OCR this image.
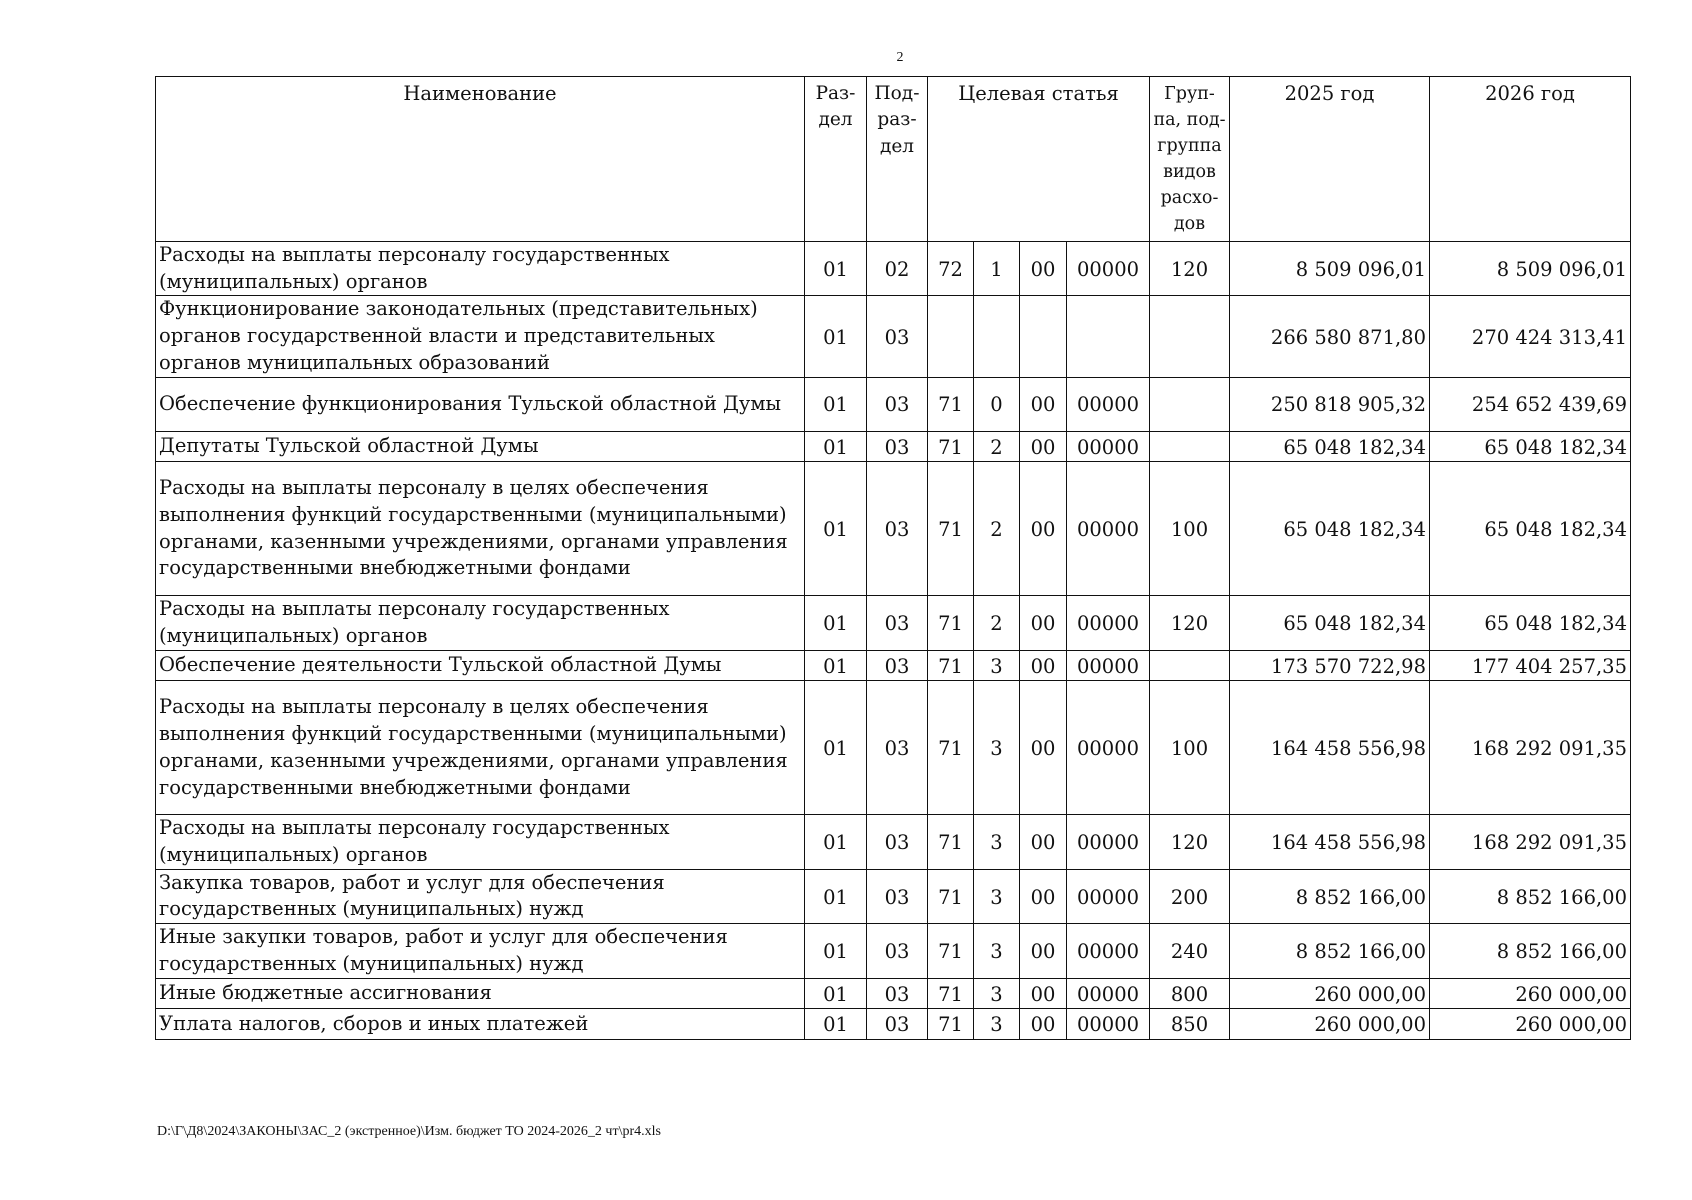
2
Наименование	Раз-дел	Под-раз-дел	Целевая статья				Груп-па, под-группа видов расхо-дов	2025 год	2026 год
Расходы на выплаты персоналу государственных (муниципальных) органов	01	02	72	1	00	00000	120	8 509 096,01	8 509 096,01
Функционирование законодательных (представительных) органов государственной власти и представительных органов муниципальных образований	01	03						266 580 871,80	270 424 313,41
Обеспечение функционирования Тульской областной Думы	01	03	71	0	00	00000		250 818 905,32	254 652 439,69
Депутаты Тульской областной Думы	01	03	71	2	00	00000		65 048 182,34	65 048 182,34
Расходы на выплаты персоналу в целях обеспечения выполнения функций государственными (муниципальными) органами, казенными учреждениями, органами управления государственными внебюджетными фондами	01	03	71	2	00	00000	100	65 048 182,34	65 048 182,34
Расходы на выплаты персоналу государственных (муниципальных) органов	01	03	71	2	00	00000	120	65 048 182,34	65 048 182,34
Обеспечение деятельности Тульской областной Думы	01	03	71	3	00	00000		173 570 722,98	177 404 257,35
Расходы на выплаты персоналу в целях обеспечения выполнения функций государственными (муниципальными) органами, казенными учреждениями, органами управления государственными внебюджетными фондами	01	03	71	3	00	00000	100	164 458 556,98	168 292 091,35
Расходы на выплаты персоналу государственных (муниципальных) органов	01	03	71	3	00	00000	120	164 458 556,98	168 292 091,35
Закупка товаров, работ и услуг для обеспечения государственных (муниципальных) нужд	01	03	71	3	00	00000	200	8 852 166,00	8 852 166,00
Иные закупки товаров, работ и услуг для обеспечения государственных (муниципальных) нужд	01	03	71	3	00	00000	240	8 852 166,00	8 852 166,00
Иные бюджетные ассигнования	01	03	71	3	00	00000	800	260 000,00	260 000,00
Уплата налогов, сборов и иных платежей	01	03	71	3	00	00000	850	260 000,00	260 000,00
D:\Г\Д8\2024\ЗАКОНЫ\ЗАС_2 (экстренное)\Изм. бюджет ТО 2024-2026_2 чт\pr4.xls
